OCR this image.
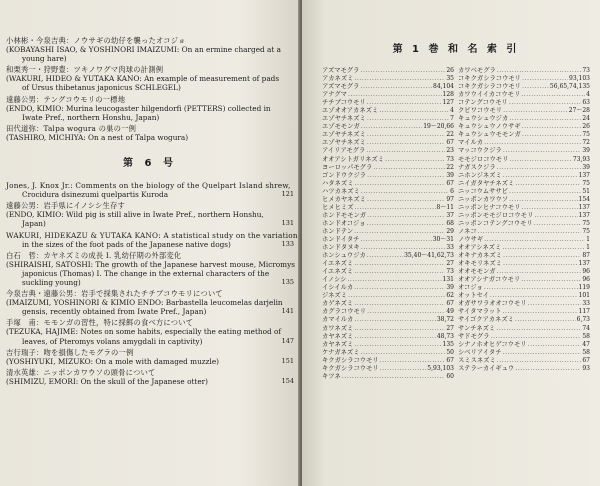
小林彬・今泉吉典：ノウサギの幼仔を襲ったオコジョ
(KOBAYASHI ISAO, & YOSHINORI IMAIZUMI: On an ermine charged at a
young hare)
和栗秀一・狩野豊：ツキノワグマ肉球の計測例
(WAKURI, HIDEO & YUTAKA KANO: An example of measurement of pads
of Ursus thibetanus japonicus SCHLEGEL)
遠藤公男：テングコウモリの一標地
(ENDO, KIMIO: Murina leucogaster hilgendorfi (PETTERS) collected in
Iwate Pref., northern Honshu, Japan)
田代道弥：Talpa wogura の巣の一例
(TASHIRO, MICHIYA: On a nest of Talpa wogura)
第 6 号
Jones, J. Knox Jr.: Comments on the biology of the Quelpart Island shrew,
Crocidura dsinezumi quelpartis Kuroda	121
遠藤公男：岩手県にイノシシ生存す
(ENDO, KIMIO: Wild pig is still alive in Iwate Pref., northern Honshu,
Japan)	131
WAKURI, HIDEKAZU & YUTAKA KANO: A statistical study on the variation
in the sizes of the foot pads of the Japanese native dogs)	133
白石　哲：カヤネズミの成長 I. 乳幼仔期の外部変化
(SHIRAISHI, SATOSHI: The growth of the Japanese harvest mouse, Micromys
japonicus (Thomas) I. The change in the external characters of the
suckling young)	135
今泉吉典・遠藤公男：岩手で採集されたチチブコウモリについて
(IMAIZUMI, YOSHINORI & KIMIO ENDO: Barbastella leucomelas darjelin
gensis, recently obtained from Iwate Pref., Japan)	141
手塚　甫：モモンガの習性，特に採餌の食べ方について
(TEZUKA, HAJIME: Notes on some habits, especially the eating method of
leaves, of Pteromys volans amygdali in captivity)	147
吉行瑞子：吻を損傷したモグラの一例
(YOSHIYUKI, MIZUKO: On a mole with damaged muzzle)	151
清水英雄：ニッポンカワウソの頭骨について
(SHIMIZU, EMORI: On the skull of the Japanese otter)	154
第 1 巻 和 名 索 引
アズマモグラ .....	26
アカネズミ .....	35
アズマモグラ .....	84,104
アナグマ .....	128
チチブコウモリ .....	127
エゾオオアカネズミ .....	4
エゾヤチネズミ .....	7
エゾモモンガ .....	19～20,66
エゾヤチネズミ .....	22
エゾヤチネズミ .....	67
アイリアモグラ .....	23
オオアシトガリネズミ .....	73
ヨーロッパモグラ .....	22
ゴンドウクジラ .....	39
ハタネズミ .....	67
ハツカネズミ .....	6
ヒメカヤネズミ .....	97
ヒメヒミズ .....	8～11
ホンドモモンガ .....	37
ホンドオコジョ .....	68
ホンドテン .....	29
ホンドイタチ .....	30～31
ホンドタヌキ .....	33
ホンシュウジカ .....	35,40～41,62,73
イエネズミ .....	27
イエネズミ .....	73
イノシシ .....	131
イシイルカ .....	39
ジネズミ .....	62
カゲネズミ .....	67
カグラコウモリ .....	49
カマイルカ .....	38,72
カワネズミ .....	27
カヤネズミ .....	48,73
カヤネズミ .....	135
ケナガネズミ .....	50
キクガシラコウモリ .....	67
キクガシラコウモリ .....	5,93,103
キツネ .....	60
カワベモグラ .....	73
コキクガシラコウモリ .....	93,103
コキクガシラコウモリ .....	56,65,74,135
カワウイイカコウモリ .....	4
コテングコウモリ .....	63
クビワコウモリ .....	27～28
キュウシュウジカ .....	24
キュウシュウノウサギ .....	26
キュウシュウモモンガ .....	75
マイルカ .....	72
マッコウクジラ .....	39
モモジロコウモリ .....	73,93
ナガスクジラ .....	39
ニホンジネズミ .....	137
ニイガタヤチネズミ .....	75
ニッコウムササビ .....	51
ニッポンカワウソ .....	154
ニッポンヒナコウモリ .....	137
ニッポンモモジロコウモリ .....	137
ニッポンコテングコウモリ .....	75
ノネコ .....	75
ノウサギ .....	1
オオアシネズミ .....	1
オキナカネズミ .....	87
オキモリネズミ .....	137
オオモモンガ .....	96
オオアシナガコウモリ .....	96
オコジョ .....	119
オットセイ .....	101
オガサワラオオコウモリ .....	33
サイタマラット .....	117
サイゴクアカネズミ .....	6,73
サンチネズミ .....	74
サドモグラ .....	58
シナノホオヒゲコウモリ .....	47
シベリアイタチ .....	58
スミスネズミ .....	67
ステラーカイギュウ .....	93
